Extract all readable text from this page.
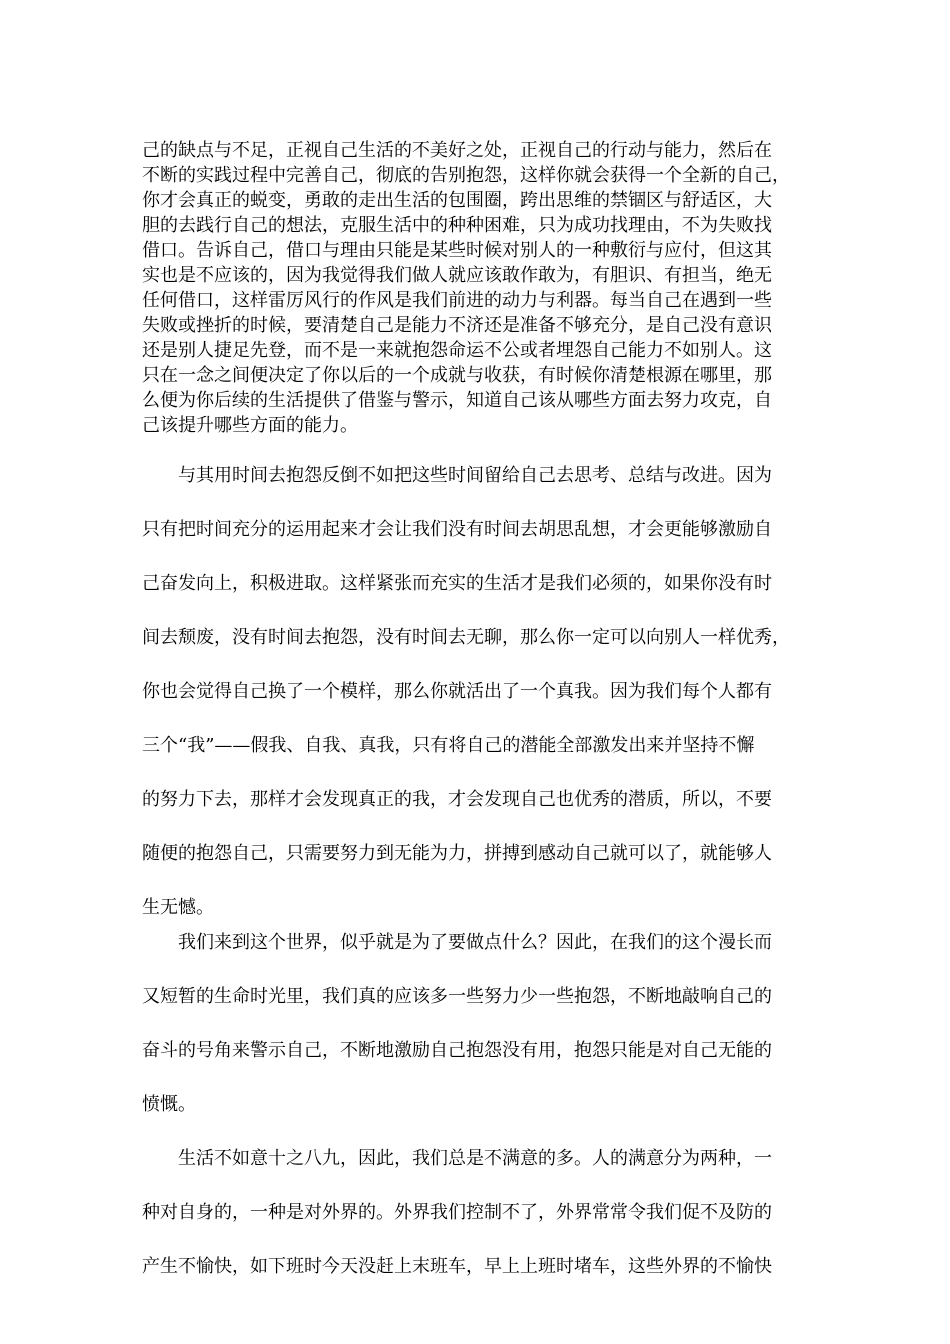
己的缺点与不足，正视自己生活的不美好之处，正视自己的行动与能力，然后在
不断的实践过程中完善自己，彻底的告别抱怨，这样你就会获得一个全新的自己，
你才会真正的蜕变，勇敢的走出生活的包围圈，跨出思维的禁锢区与舒适区，大
胆的去践行自己的想法，克服生活中的种种困难，只为成功找理由，不为失败找
借口。告诉自己，借口与理由只能是某些时候对别人的一种敷衍与应付，但这其
实也是不应该的，因为我觉得我们做人就应该敢作敢为，有胆识、有担当，绝无
任何借口，这样雷厉风行的作风是我们前进的动力与利器。每当自己在遇到一些
失败或挫折的时候，要清楚自己是能力不济还是准备不够充分，是自己没有意识
还是别人捷足先登，而不是一来就抱怨命运不公或者埋怨自己能力不如别人。这
只在一念之间便决定了你以后的一个成就与收获，有时候你清楚根源在哪里，那
么便为你后续的生活提供了借鉴与警示，知道自己该从哪些方面去努力攻克，自
己该提升哪些方面的能力。
与其用时间去抱怨反倒不如把这些时间留给自己去思考、总结与改进。因为
只有把时间充分的运用起来才会让我们没有时间去胡思乱想，才会更能够激励自
己奋发向上，积极进取。这样紧张而充实的生活才是我们必须的，如果你没有时
间去颓废，没有时间去抱怨，没有时间去无聊，那么你一定可以向别人一样优秀，
你也会觉得自己换了一个模样，那么你就活出了一个真我。因为我们每个人都有
三个“我”——假我、自我、真我，只有将自己的潜能全部激发出来并坚持不懈
的努力下去，那样才会发现真正的我，才会发现自己也优秀的潜质，所以，不要
随便的抱怨自己，只需要努力到无能为力，拼搏到感动自己就可以了，就能够人
生无憾。
我们来到这个世界，似乎就是为了要做点什么？因此，在我们的这个漫长而
又短暂的生命时光里，我们真的应该多一些努力少一些抱怨，不断地敲响自己的
奋斗的号角来警示自己，不断地激励自己抱怨没有用，抱怨只能是对自己无能的
愤慨。
生活不如意十之八九，因此，我们总是不满意的多。人的满意分为两种，一
种对自身的，一种是对外界的。外界我们控制不了，外界常常令我们促不及防的
产生不愉快，如下班时今天没赶上末班车，早上上班时堵车，这些外界的不愉快
